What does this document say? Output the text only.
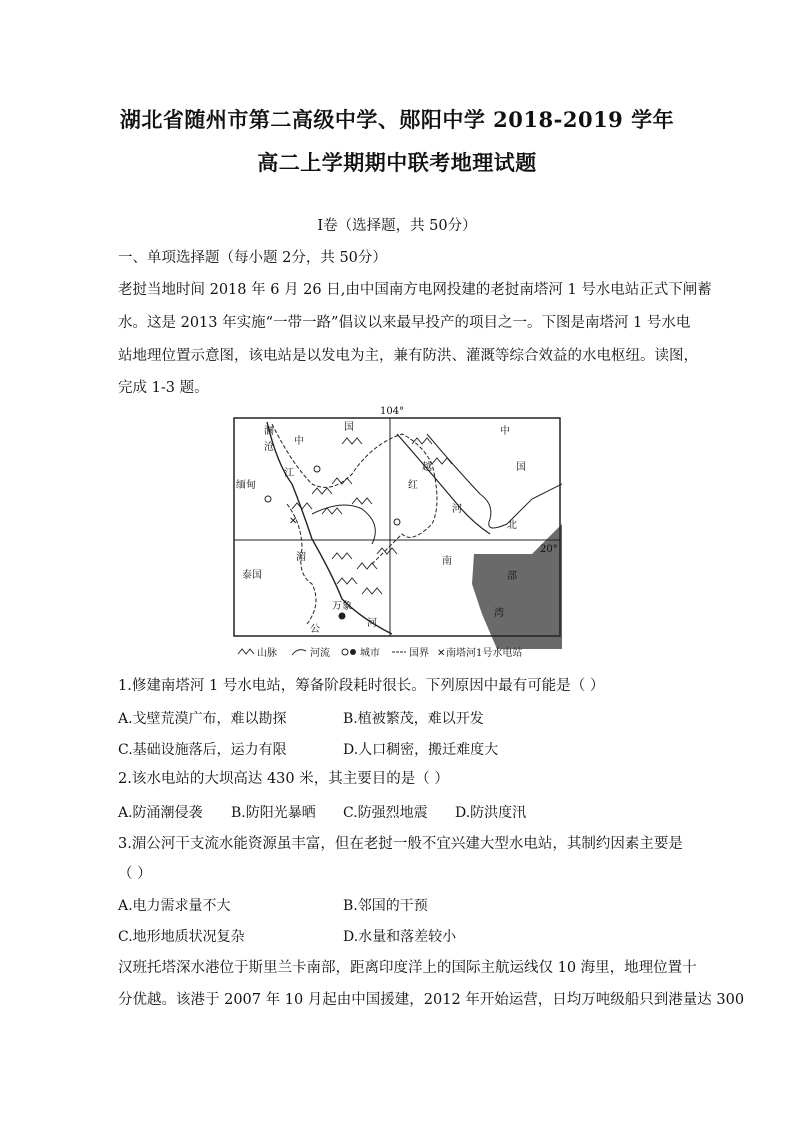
湖北省随州市第二高级中学、郧阳中学 2018-2019 学年
高二上学期期中联考地理试题
Ⅰ卷（选择题，共 50分）
一、单项选择题（每小题 2分，共 50分）
老挝当地时间 2018 年 6 月 26 日,由中国南方电网投建的老挝南塔河 1 号水电站正式下闸蓄
水。这是 2013 年实施“一带一路”倡议以来最早投产的项目之一。下图是南塔河 1 号水电
站地理位置示意图，该电站是以发电为主，兼有防洪、灌溉等综合效益的水电枢纽。读图，
完成 1-3 题。
✕
澜
沧
江
中
国	中
国
越
红
河
北
缅甸
泰国
湄	南
部
湾
万象
公
河
104°
20°
山脉	河流	城市	国界 ✕ 南塔河1号水电站
1.修建南塔河 1 号水电站，筹备阶段耗时很长。下列原因中最有可能是（ ）
A.戈壁荒漠广布，难以勘探	B.植被繁茂，难以开发
C.基础设施落后，运力有限	D.人口稠密，搬迁难度大
2.该水电站的大坝高达 430 米，其主要目的是（ ）
A.防涌潮侵袭 B.防阳光暴晒 C.防强烈地震 D.防洪度汛
3.湄公河干支流水能资源虽丰富，但在老挝一般不宜兴建大型水电站，其制约因素主要是
（ ）
A.电力需求量不大	B.邻国的干预
C.地形地质状况复杂	D.水量和落差较小
汉班托塔深水港位于斯里兰卡南部，距离印度洋上的国际主航运线仅 10 海里，地理位置十
分优越。该港于 2007 年 10 月起由中国援建，2012 年开始运营，日均万吨级船只到港量达 300
